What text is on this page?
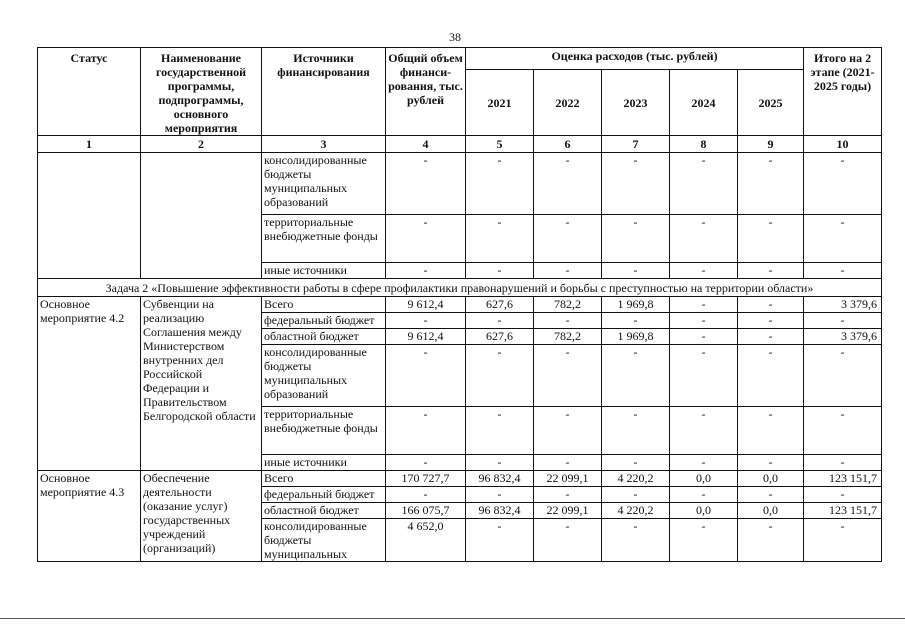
38
Статус	Наименование государственной программы, подпрограммы, основного мероприятия	Источники финансирования	Общий объем финанси-рования, тыс. рублей	Оценка расходов (тыс. рублей)					Итого на 2 этапе (2021-2025 годы)
				2021	2022	2023	2024	2025	
1	2	3	4	5	6	7	8	9	10
		консолидированные бюджеты муниципальных образований	-	-	-	-	-	-	-
		территориальные внебюджетные фонды	-	-	-	-	-	-	-
		иные источники	-	-	-	-	-	-	-
Задача 2 «Повышение эффективности работы в сфере профилактики правонарушений и борьбы с преступностью на территории области»									
Основное мероприятие 4.2	Субвенции на реализацию Соглашения между Министерством внутренних дел Российской Федерации и Правительством Белгородской области	Всего	9 612,4	627,6	782,2	1 969,8	-	-	3 379,6
		федеральный бюджет	-	-	-	-	-	-	-
		областной бюджет	9 612,4	627,6	782,2	1 969,8	-	-	3 379,6
		консолидированные бюджеты муниципальных образований	-	-	-	-	-	-	-
		территориальные внебюджетные фонды	-	-	-	-	-	-	-
		иные источники	-	-	-	-	-	-	-
Основное мероприятие 4.3	Обеспечение деятельности (оказание услуг) государственных учреждений (организаций)	Всего	170 727,7	96 832,4	22 099,1	4 220,2	0,0	0,0	123 151,7
		федеральный бюджет	-	-	-	-	-	-	-
		областной бюджет	166 075,7	96 832,4	22 099,1	4 220,2	0,0	0,0	123 151,7
		консолидированные бюджеты муниципальных	4 652,0	-	-	-	-	-	-
